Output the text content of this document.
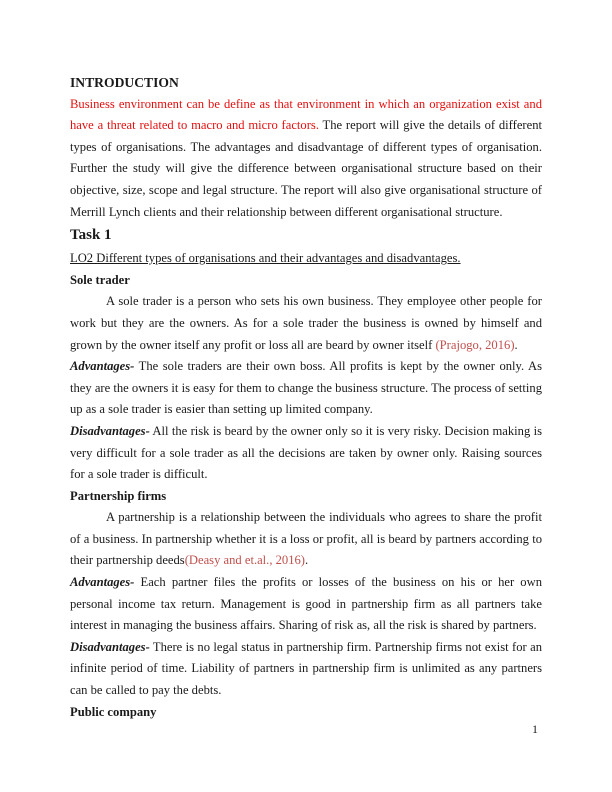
INTRODUCTION

Business environment can be define as that environment in which an organization exist and have a threat related to macro and micro factors. The report will give the details of different types of organisations. The advantages and disadvantage of different types of organisation. Further the study will give the difference between organisational structure based on their objective, size, scope and legal structure. The report will also give organisational structure of Merrill Lynch clients and their relationship between different organisational structure.

Task 1

LO2 Different types of organisations and their advantages and disadvantages.

Sole trader

A sole trader is a person who sets his own business. They employee other people for work but they are the owners. As for a sole trader the business is owned by himself and grown by the owner itself any profit or loss all are beard by owner itself (Prajogo, 2016).

Advantages- The sole traders are their own boss. All profits is kept by the owner only. As they are the owners it is easy for them to change the business structure. The process of setting up as a sole trader is easier than setting up limited company.

Disadvantages- All the risk is beard by the owner only so it is very risky. Decision making is very difficult for a sole trader as all the decisions are taken by owner only. Raising sources for a sole trader is difficult.

Partnership firms

A partnership is a relationship between the individuals who agrees to share the profit of a business. In partnership whether it is a loss or profit, all is beard by partners according to their partnership deeds(Deasy and et.al., 2016).

Advantages- Each partner files the profits or losses of the business on his or her own personal income tax return. Management is good in partnership firm as all partners take interest in managing the business affairs. Sharing of risk as, all the risk is shared by partners.

Disadvantages- There is no legal status in partnership firm. Partnership firms not exist for an infinite period of time. Liability of partners in partnership firm is unlimited as any partners can be called to pay the debts.

Public company

1
